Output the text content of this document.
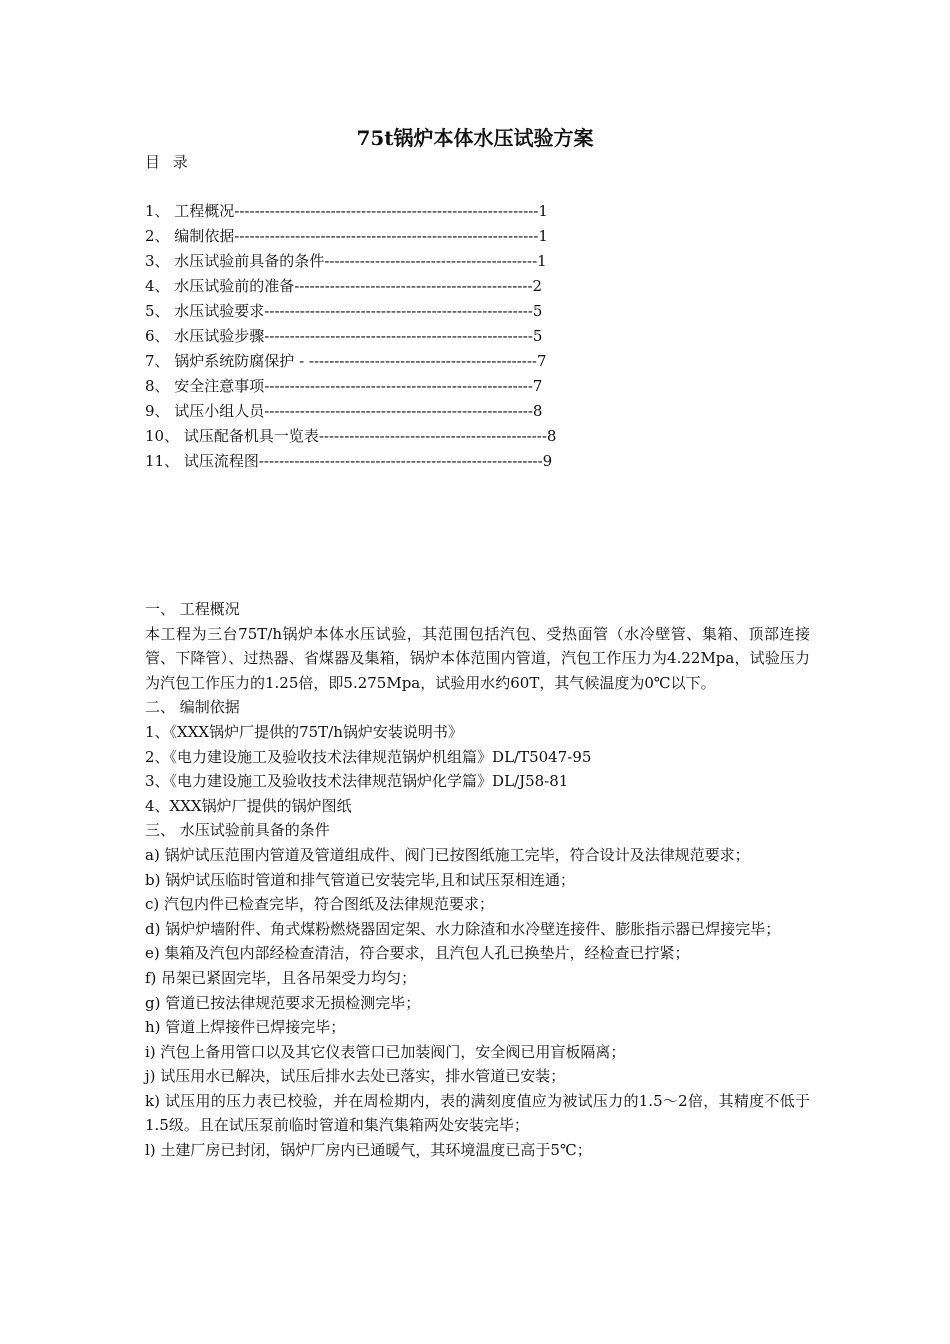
75t锅炉本体水压试验方案
目 录
1、 工程概况------------------------------------------------------------1
2、 编制依据------------------------------------------------------------1
3、 水压试验前具备的条件------------------------------------------1
4、 水压试验前的准备-----------------------------------------------2
5、 水压试验要求-----------------------------------------------------5
6、 水压试验步骤-----------------------------------------------------5
7、 锅炉系统防腐保护 - ---------------------------------------------7
8、 安全注意事项-----------------------------------------------------7
9、 试压小组人员-----------------------------------------------------8
10、 试压配备机具一览表---------------------------------------------8
11、 试压流程图--------------------------------------------------------9
一、 工程概况
本工程为三台75T/h锅炉本体水压试验，其范围包括汽包、受热面管（水冷壁管、集箱、顶部连接管、下降管）、过热器、省煤器及集箱，锅炉本体范围内管道，汽包工作压力为4.22Mpa，试验压力为汽包工作压力的1.25倍，即5.275Mpa，试验用水约60T，其气候温度为0℃以下。
二、 编制依据
1、《XXX锅炉厂提供的75T/h锅炉安装说明书》
2、《电力建设施工及验收技术法律规范锅炉机组篇》DL/T5047-95
3、《电力建设施工及验收技术法律规范锅炉化学篇》DL/J58-81
4、XXX锅炉厂提供的锅炉图纸
三、 水压试验前具备的条件
a) 锅炉试压范围内管道及管道组成件、阀门已按图纸施工完毕，符合设计及法律规范要求；
b) 锅炉试压临时管道和排气管道已安装完毕,且和试压泵相连通；
c) 汽包内件已检查完毕，符合图纸及法律规范要求；
d) 锅炉炉墙附件、角式煤粉燃烧器固定架、水力除渣和水冷壁连接件、膨胀指示器已焊接完毕；
e) 集箱及汽包内部经检查清洁，符合要求，且汽包人孔已换垫片，经检查已拧紧；
f) 吊架已紧固完毕，且各吊架受力均匀；
g) 管道已按法律规范要求无损检测完毕；
h) 管道上焊接件已焊接完毕；
i) 汽包上备用管口以及其它仪表管口已加装阀门，安全阀已用盲板隔离；
j) 试压用水已解决，试压后排水去处已落实，排水管道已安装；
k) 试压用的压力表已校验，并在周检期内，表的满刻度值应为被试压力的1.5～2倍，其精度不低于1.5级。且在试压泵前临时管道和集汽集箱两处安装完毕；
l) 土建厂房已封闭，锅炉厂房内已通暖气，其环境温度已高于5℃；
